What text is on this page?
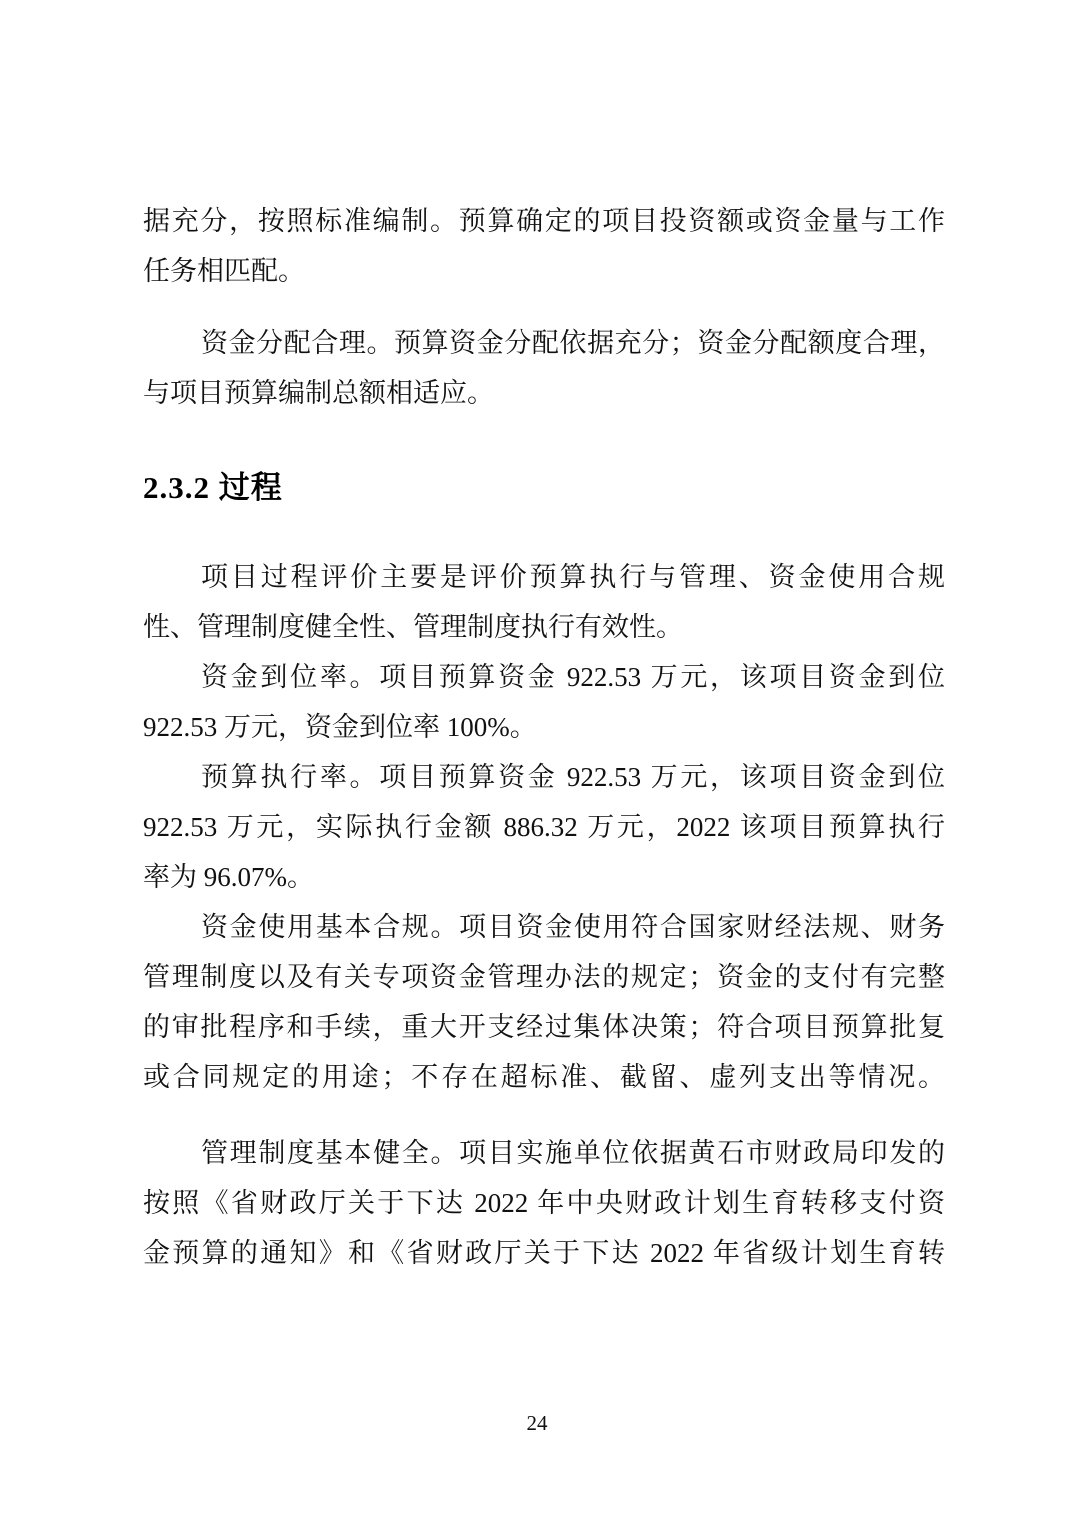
据充分，按照标准编制。预算确定的项目投资额或资金量与工作
任务相匹配。
资金分配合理。预算资金分配依据充分；资金分配额度合理，
与项目预算编制总额相适应。
2.3.2 过程
项目过程评价主要是评价预算执行与管理、资金使用合规
性、管理制度健全性、管理制度执行有效性。
资金到位率。项目预算资金 922.53 万元，该项目资金到位
922.53 万元，资金到位率 100%。
预算执行率。项目预算资金 922.53 万元，该项目资金到位
922.53 万元，实际执行金额 886.32 万元，2022 该项目预算执行
率为 96.07%。
资金使用基本合规。项目资金使用符合国家财经法规、财务
管理制度以及有关专项资金管理办法的规定；资金的支付有完整
的审批程序和手续，重大开支经过集体决策；符合项目预算批复
或合同规定的用途；不存在超标准、截留、虚列支出等情况。
管理制度基本健全。项目实施单位依据黄石市财政局印发的
按照《省财政厅关于下达 2022 年中央财政计划生育转移支付资
金预算的通知》和《省财政厅关于下达 2022 年省级计划生育转
24
